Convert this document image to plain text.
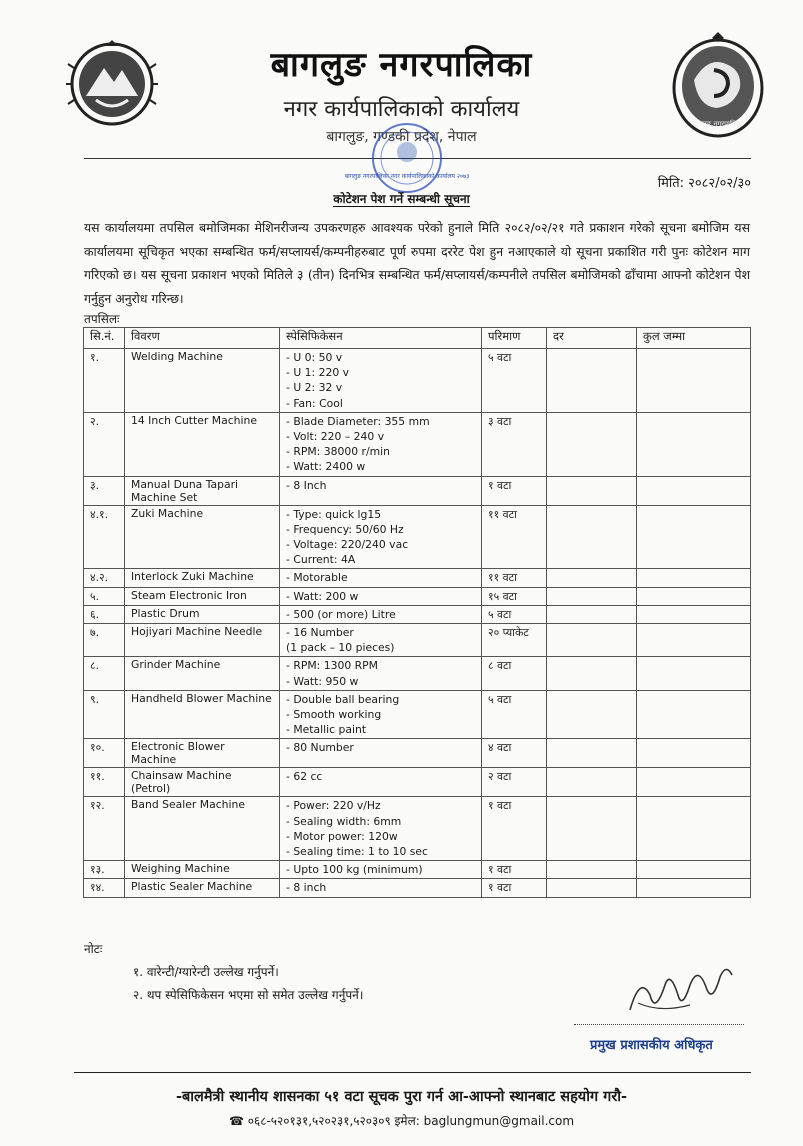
बागलुङ नगरपालिका
बागलुङ नगरपालिका
नगर कार्यपालिकाको कार्यालय
बागलुङ, गण्डकी प्रदेश, नेपाल
बागलुङ नगरपालिका नगर कार्यपालिकाको कार्यालय २०७३	मिति: २०८२/०२/३०
कोटेशन पेश गर्ने सम्बन्धी सूचना
यस कार्यालयमा तपसिल बमोजिमका मेशिनरीजन्य उपकरणहरु आवश्यक परेको हुनाले मिति २०८२/०२/२१ गते प्रकाशन गरेको सूचना बमोजिम यस कार्यालयमा सूचिकृत भएका सम्बन्धित फर्म/सप्लायर्स/कम्पनीहरुबाट पूर्ण रुपमा दररेट पेश हुन नआएकाले यो सूचना प्रकाशित गरी पुनः कोटेशन माग गरिएको छ। यस सूचना प्रकाशन भएको मितिले ३ (तीन) दिनभित्र सम्बन्धित फर्म/सप्लायर्स/कम्पनीले तपसिल बमोजिमको ढाँचामा आफ्नो कोटेशन पेश गर्नुहुन अनुरोध गरिन्छ।
तपसिलः
सि.नं.	विवरण	स्पेसिफिकेसन	परिमाण	दर	कुल जम्मा
१.	Welding Machine	- U 0: 50 v
- U 1: 220 v
- U 2: 32 v
- Fan: Cool	५ वटा		
२.	14 Inch Cutter Machine	- Blade Diameter: 355 mm
- Volt: 220 – 240 v
- RPM: 38000 r/min
- Watt: 2400 w	३ वटा		
३.	Manual Duna Tapari Machine Set	- 8 Inch	१ वटा		
४.१.	Zuki Machine	- Type: quick lg15
- Frequency: 50/60 Hz
- Voltage: 220/240 vac
- Current: 4A	११ वटा		
४.२.	Interlock Zuki Machine	- Motorable	११ वटा		
५.	Steam Electronic Iron	- Watt: 200 w	१५ वटा		
६.	Plastic Drum	- 500 (or more) Litre	५ वटा		
७.	Hojiyari Machine Needle	- 16 Number
(1 pack – 10 pieces)	२० प्याकेट		
८.	Grinder Machine	- RPM: 1300 RPM
- Watt: 950 w	८ वटा		
९.	Handheld Blower Machine	- Double ball bearing
- Smooth working
- Metallic paint	५ वटा		
१०.	Electronic Blower Machine	- 80 Number	४ वटा		
११.	Chainsaw Machine (Petrol)	- 62 cc	२ वटा		
१२.	Band Sealer Machine	- Power: 220 v/Hz
- Sealing width: 6mm
- Motor power: 120w
- Sealing time: 1 to 10 sec	१ वटा		
१३.	Weighing Machine	- Upto 100 kg (minimum)	१ वटा		
१४.	Plastic Sealer Machine	- 8 inch	१ वटा		
नोटः
१. वारेन्टी/ग्यारेन्टी उल्लेख गर्नुपर्ने।
२. थप स्पेसिफिकेसन भएमा सो समेत उल्लेख गर्नुपर्ने।
प्रमुख प्रशासकीय अधिकृत
-बालमैत्री स्थानीय शासनका ५१ वटा सूचक पुरा गर्न आ-आफ्नो स्थानबाट सहयोग गरौ-
☎ ०६८-५२०१३१,५२०२३१,५२०३०९ इमेल: baglungmun@gmail.com
